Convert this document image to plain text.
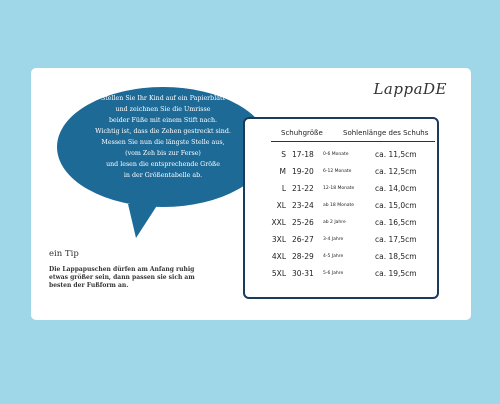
LappaDE
Stellen Sie Ihr Kind auf ein Papierblatt
und zeichnen Sie die Umrisse
beider Füße mit einem Stift nach.
Wichtig ist, dass die Zehen gestreckt sind.
Messen Sie nun die längste Stelle aus,
(vom Zeh bis zur Ferse)
und lesen die entsprechende Größe
in der Größentabelle ab.
ein Tip
Die Lappapuschen dürfen am Anfang ruhig etwas größer sein, dann passen sie sich am besten der Fußform an.
Schuhgröße	Sohlenlänge des Schuhs
S 17-18 0-6 Monate	ca. 11,5cm
M 19-20 6-12 Monate	ca. 12,5cm
L 21-22 12-18 Monate	ca. 14,0cm
XL 23-24 ab 18 Monate	ca. 15,0cm
XXL 25-26 ab 2 Jahre	ca. 16,5cm
3XL 26-27 3-4 Jahre	ca. 17,5cm
4XL 28-29 4-5 Jahre	ca. 18,5cm
5XL 30-31 5-6 Jahre	ca. 19,5cm
